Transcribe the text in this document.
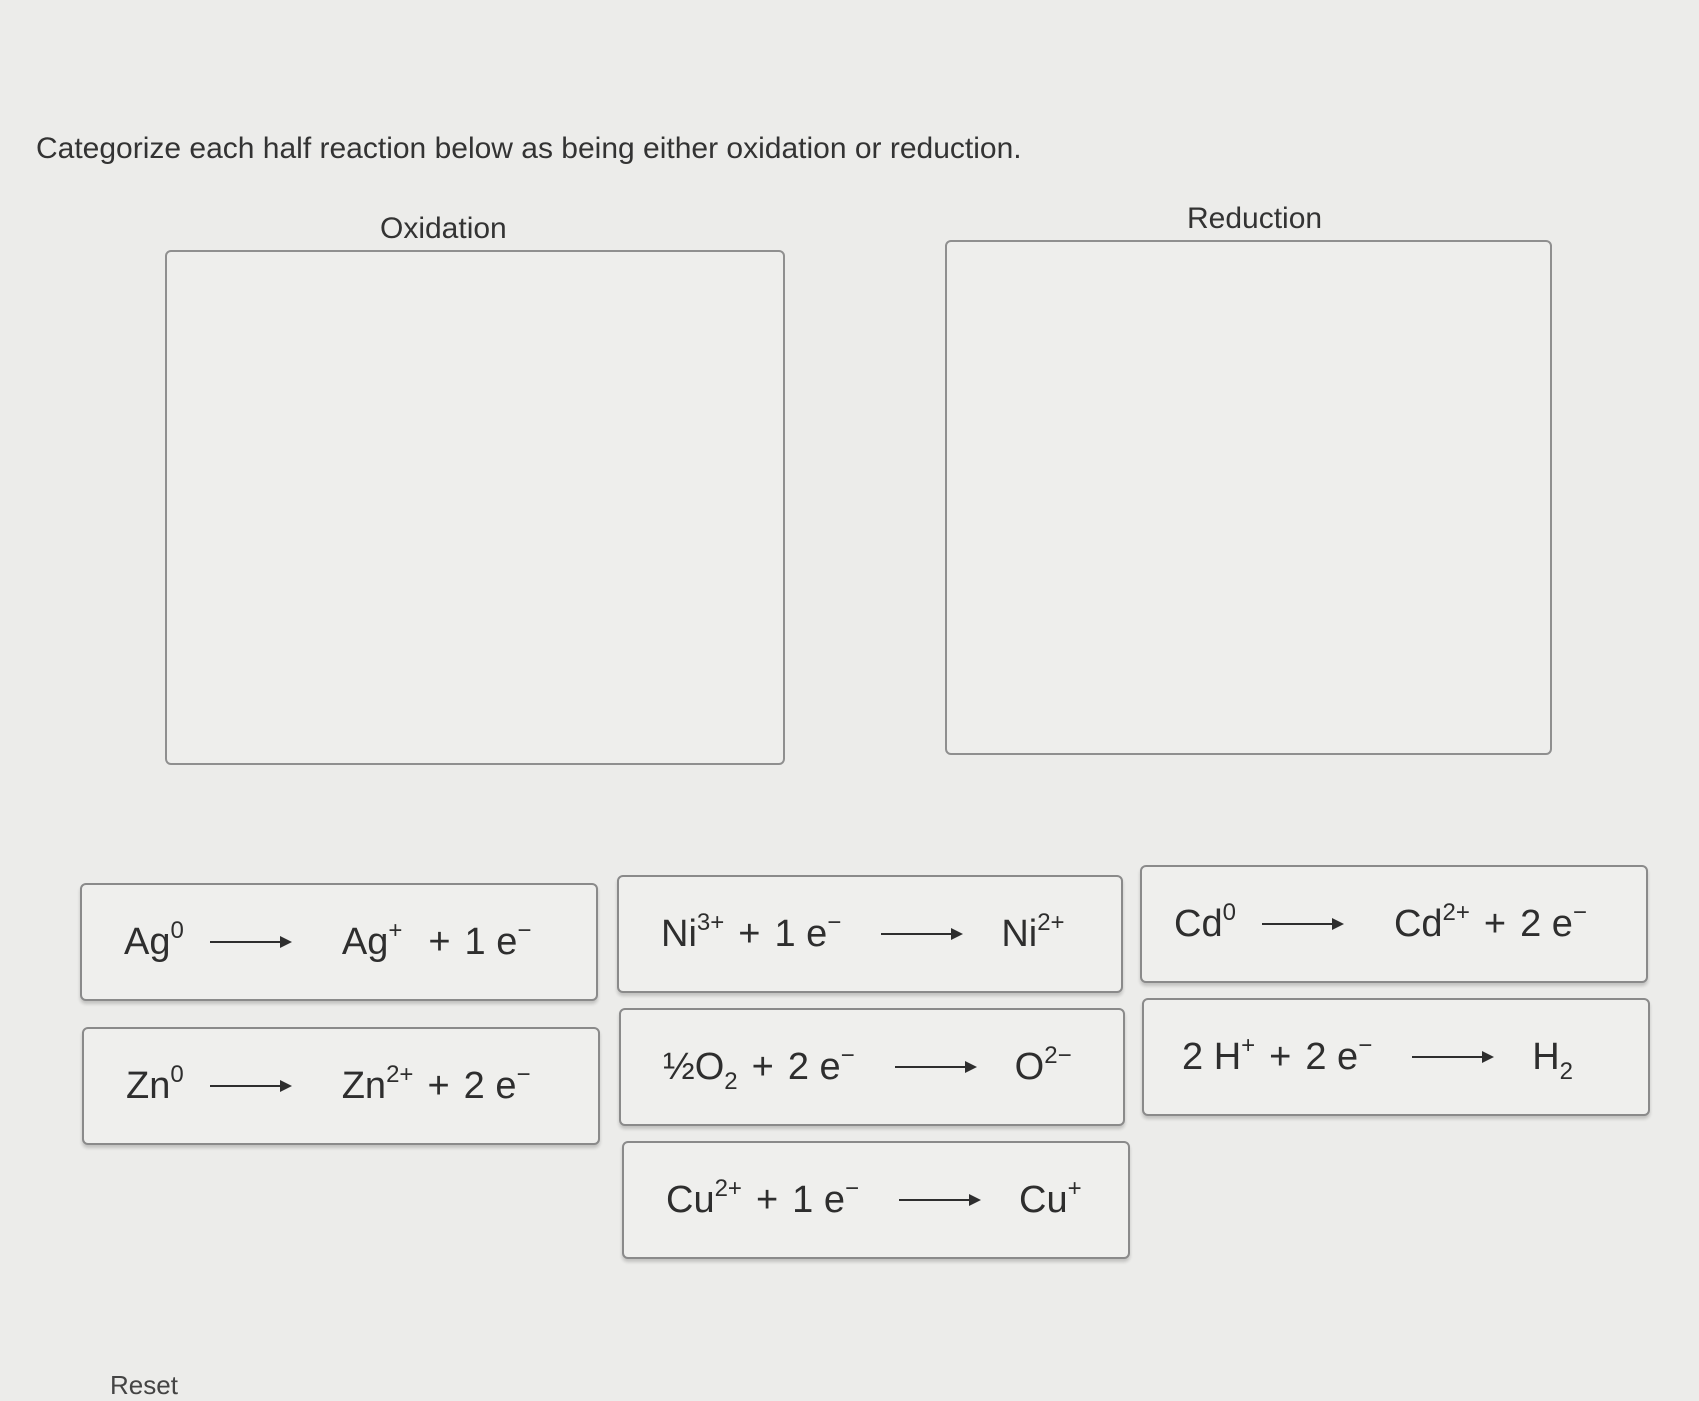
Categorize each half reaction below as being either oxidation or reduction.
Oxidation	Reduction
$Ag^0 \to Ag^+ + 1$ e−	$Ni^{3+} + 1$ $e^- \to Ni^{2+}$	$Cd^0 \to Cd^{2+} + 2$ e−
$Zn^0 \to Zn^{2+} + 2$ e−	$\frac{1}{2}O_2 + 2$ $e^- \to O^{2-}$	2 H+ + 2 $e^- \to H_2$
$Cu^{2+} + 1$ e− → Cu+
Reset
